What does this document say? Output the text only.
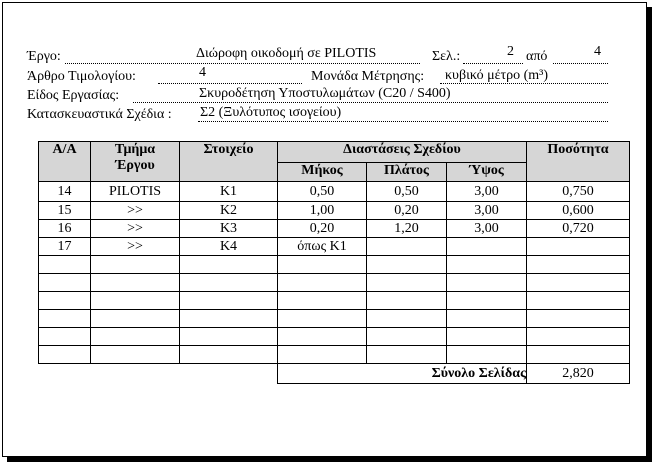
Έργο:	Διώροφη οικοδομή σε PILOTIS	Σελ.:	2 από	4
Άρθρο Τιμολογίου:	4	Μονάδα Μέτρησης: κυβικό μέτρο (m³)
Είδος Εργασίας:	Σκυροδέτηση Υποστυλωμάτων (C20 / S400)
Κατασκευαστικά Σχέδια : Σ2 (Ξυλότυπος ισογείου)
Α/Α	Τμήμα Έργου	Στοιχείο	Διαστάσεις Σχεδίου			Ποσότητα
			Μήκος	Πλάτος	Ύψος	
14	PILOTIS	Κ1	0,50	0,50	3,00	0,750
15	>>	Κ2	1,00	0,20	3,00	0,600
16	>>	Κ3	0,20	1,20	3,00	0,720
17	>>	Κ4	όπως Κ1			

			Σύνολο Σελίδας			2,820
